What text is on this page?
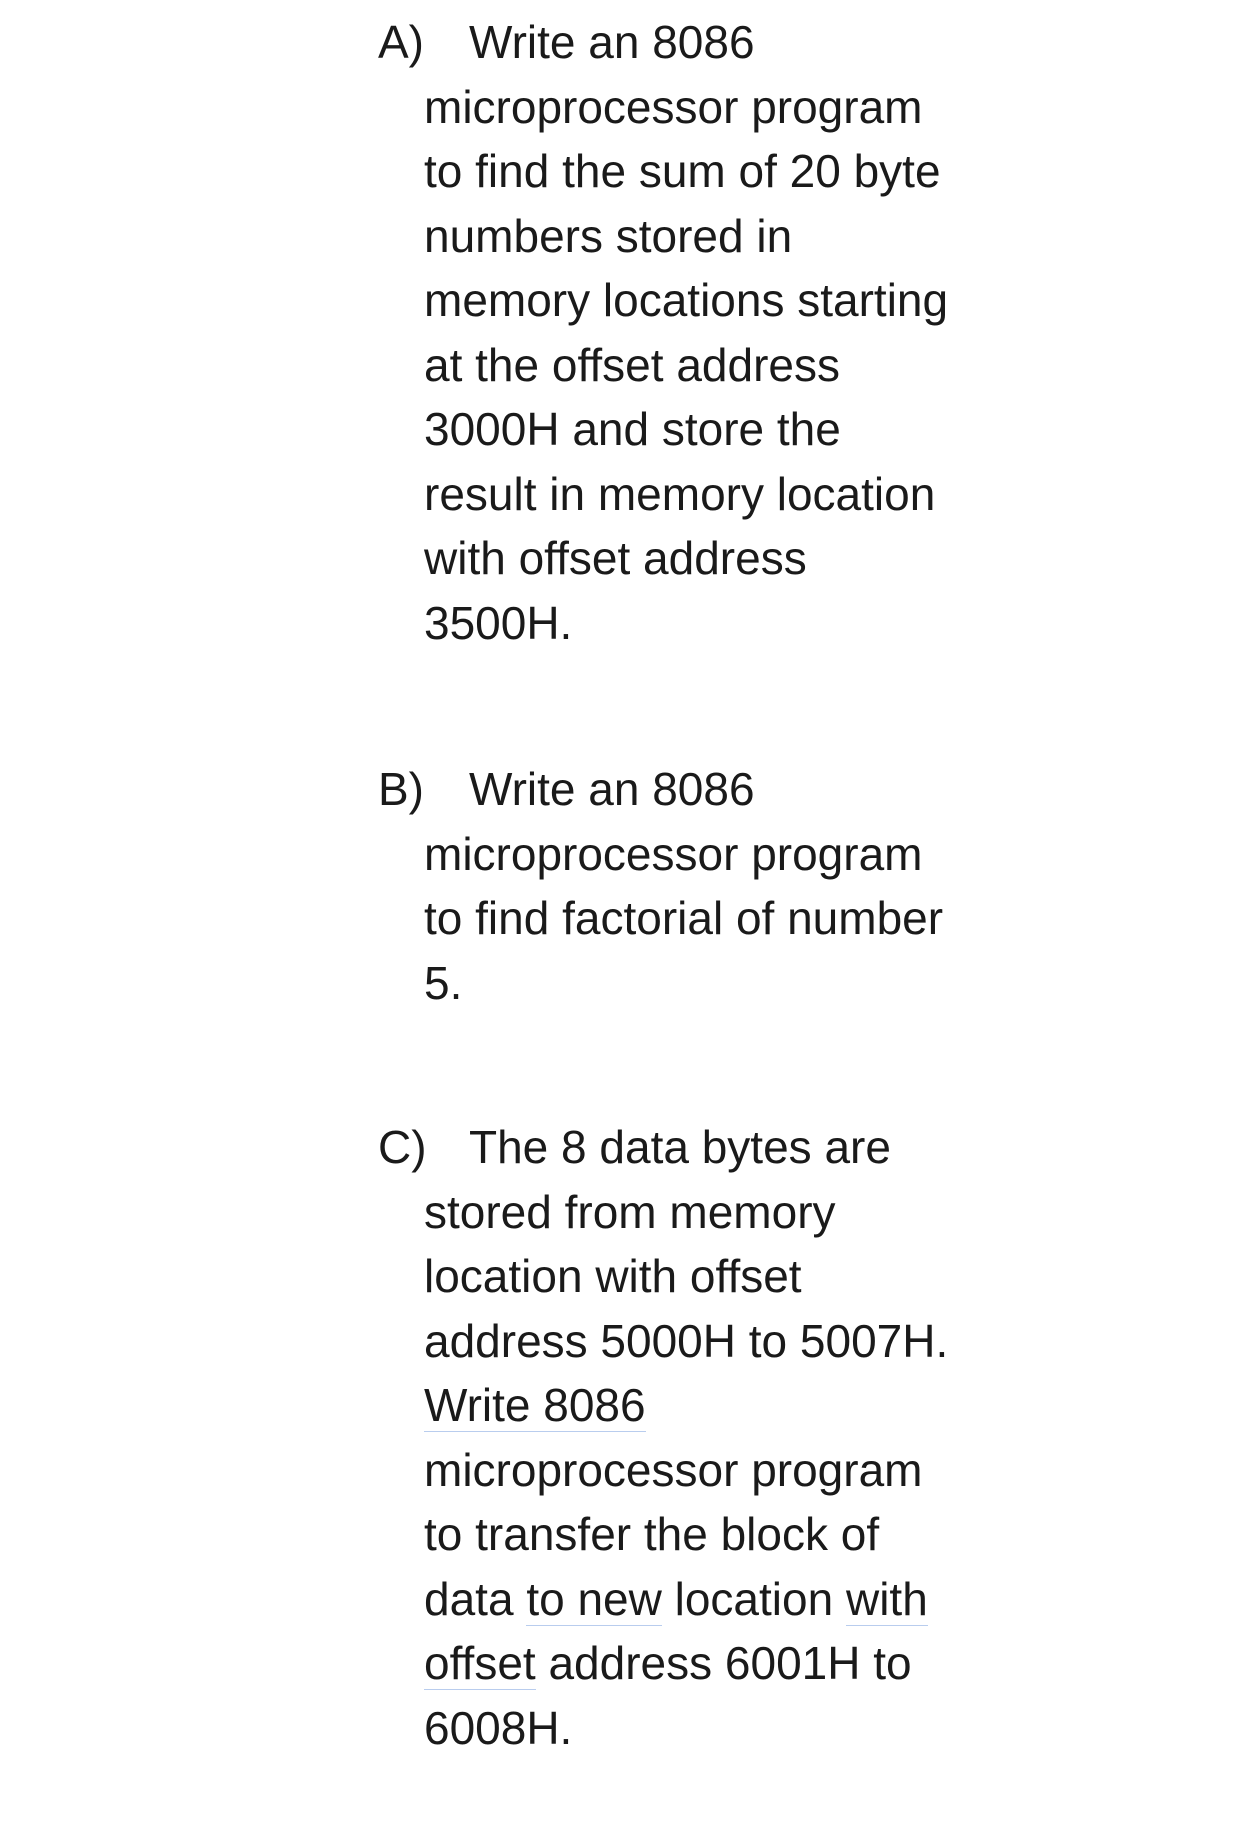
A) Write an 8086

microprocessor program

to find the sum of 20 byte

numbers stored in

memory locations starting

at the offset address

3000H and store the

result in memory location

with offset address

3500H.

B) Write an 8086

microprocessor program

to find factorial of number

5.

C) The 8 data bytes are

stored from memory

location with offset

address 5000H to 5007H.

Write 8086

microprocessor program

to transfer the block of

data to new location with

offset address 6001H to

6008H.
